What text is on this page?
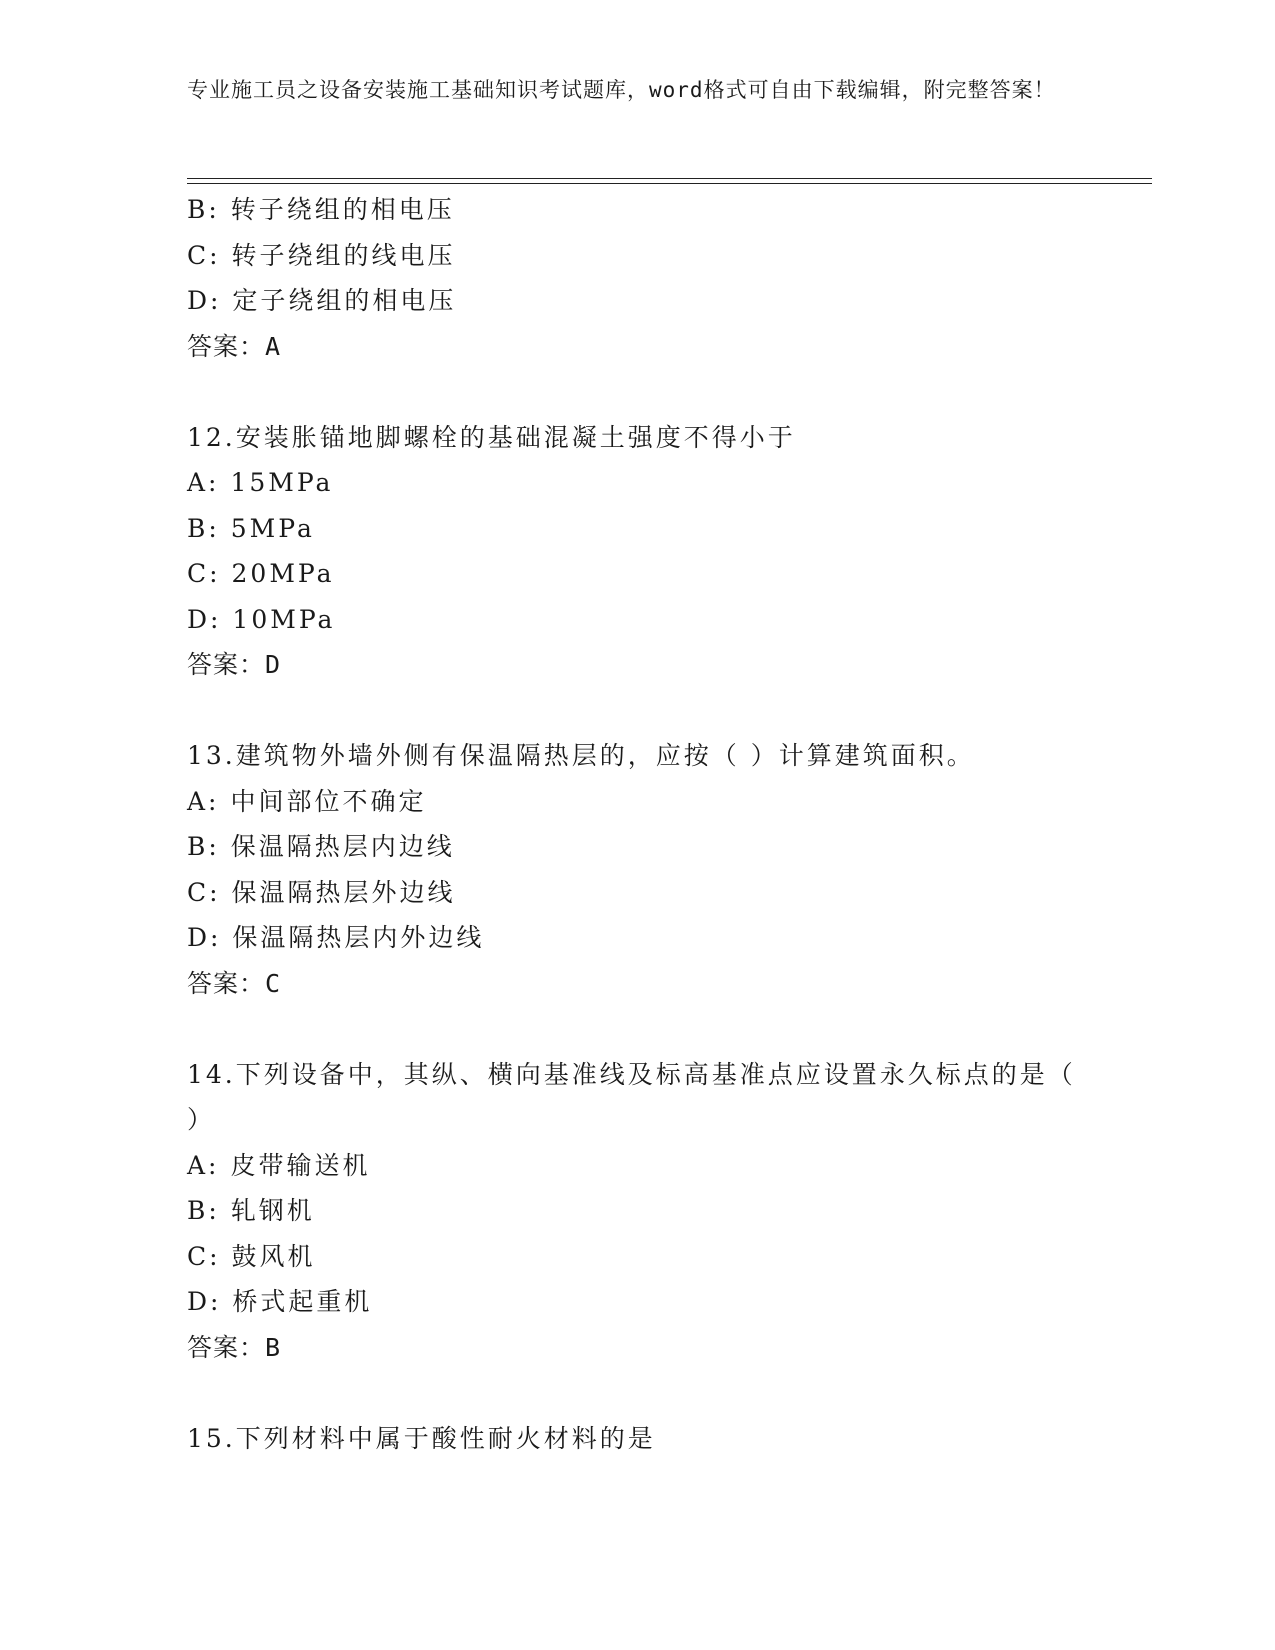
专业施工员之设备安装施工基础知识考试题库，word格式可自由下载编辑，附完整答案！
B: 转子绕组的相电压
C: 转子绕组的线电压
D: 定子绕组的相电压
答案：A
12.安装胀锚地脚螺栓的基础混凝土强度不得小于
A: 15MPa
B: 5MPa
C: 20MPa
D: 10MPa
答案：D
13.建筑物外墙外侧有保温隔热层的，应按（ ）计算建筑面积。
A: 中间部位不确定
B: 保温隔热层内边线
C: 保温隔热层外边线
D: 保温隔热层内外边线
答案：C
14.下列设备中，其纵、横向基准线及标高基准点应设置永久标点的是（ ）
A: 皮带输送机
B: 轧钢机
C: 鼓风机
D: 桥式起重机
答案：B
15.下列材料中属于酸性耐火材料的是
